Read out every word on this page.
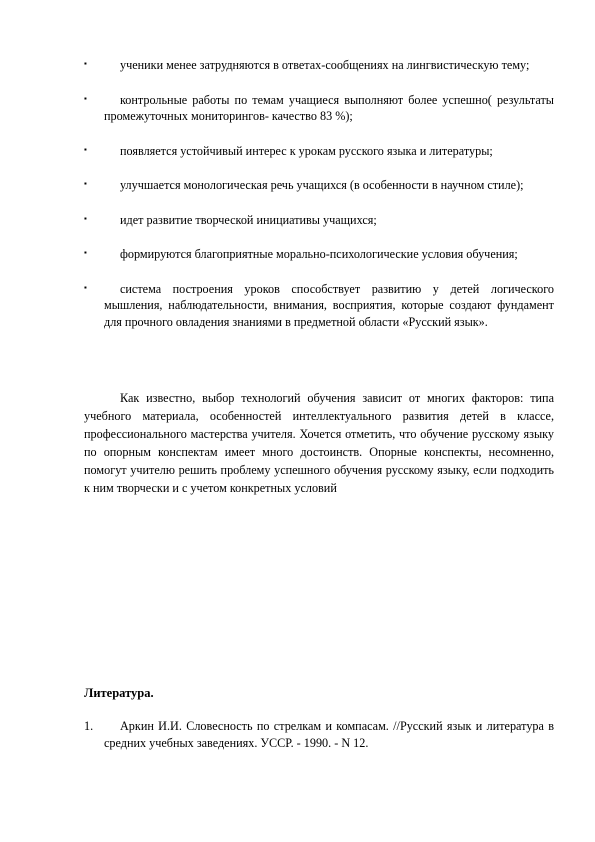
▪	ученики менее затрудняются в ответах-сообщениях на лингвистическую тему;
▪	контрольные работы по темам учащиеся выполняют более успешно( результаты промежуточных мониторингов- качество 83 %);
▪	появляется устойчивый интерес к урокам русского языка и литературы;
▪	улучшается монологическая речь учащихся (в особенности в научном стиле);
▪	идет развитие творческой инициативы учащихся;
▪	формируются благоприятные морально-психологические условия обучения;
▪	система построения уроков способствует развитию у детей логического мышления, наблюдательности, внимания, восприятия, которые создают фундамент для прочного овладения знаниями в предметной области «Русский язык».

Как известно, выбор технологий обучения зависит от многих факторов: типа учебного материала, особенностей интеллектуального развития детей в классе, профессионального мастерства учителя. Хочется отметить, что обучение русскому языку по опорным конспектам имеет много достоинств. Опорные конспекты, несомненно, помогут учителю решить проблему успешного обучения русскому языку, если подходить к ним творчески и с учетом конкретных условий

Литература.
1.	Аркин И.И. Словесность по стрелкам и компасам. //Русский язык и литература в средних учебных заведениях. УССР. - 1990. - N 12.
